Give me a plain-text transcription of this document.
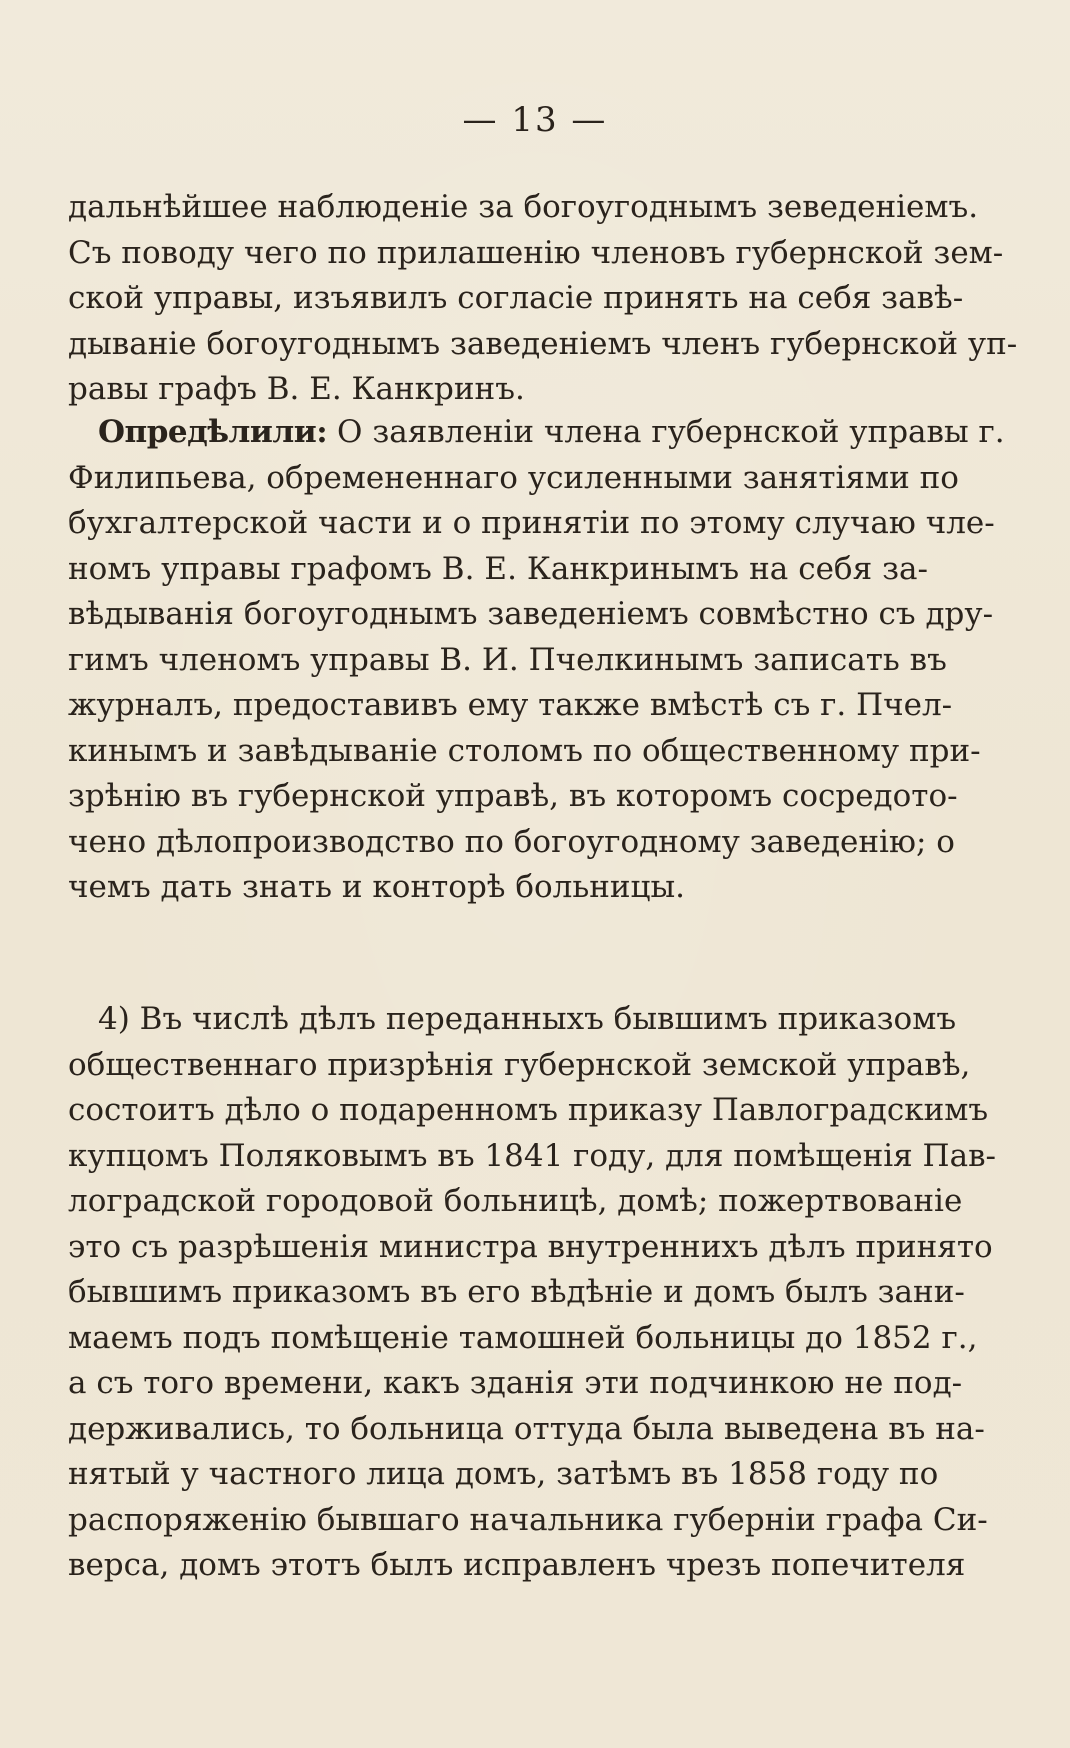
— 13 —
дальнѣйшее наблюденіе за богоугоднымъ зеведеніемъ.
Съ поводу чего по прилашенію членовъ губернской зем-
ской управы, изъявилъ согласіе принять на себя завѣ-
дываніе богоугоднымъ заведеніемъ членъ губернской уп-
равы графъ В. Е. Канкринъ.
Опредѣлили: О заявленіи члена губернской управы г.
Филипьева, обремененнаго усиленными занятіями по
бухгалтерской части и о принятіи по этому случаю чле-
номъ управы графомъ В. Е. Канкринымъ на себя за-
вѣдыванія богоугоднымъ заведеніемъ совмѣстно съ дру-
гимъ членомъ управы В. И. Пчелкинымъ записать въ
журналъ, предоставивъ ему также вмѣстѣ съ г. Пчел-
кинымъ и завѣдываніе столомъ по общественному при-
зрѣнію въ губернской управѣ, въ которомъ сосредото-
чено дѣлопроизводство по богоугодному заведенію; о
чемъ дать знать и конторѣ больницы.
4) Въ числѣ дѣлъ переданныхъ бывшимъ приказомъ
общественнаго призрѣнія губернской земской управѣ,
состоитъ дѣло о подаренномъ приказу Павлоградскимъ
купцомъ Поляковымъ въ 1841 году, для помѣщенія Пав-
лоградской городовой больницѣ, домѣ; пожертвованіе
это съ разрѣшенія министра внутреннихъ дѣлъ принято
бывшимъ приказомъ въ его вѣдѣніе и домъ былъ зани-
маемъ подъ помѣщеніе тамошней больницы до 1852 г.,
а съ того времени, какъ зданія эти подчинкою не под-
держивались, то больница оттуда была выведена въ на-
нятый у частного лица домъ, затѣмъ въ 1858 году по
распоряженію бывшаго начальника губерніи графа Си-
верса, домъ этотъ былъ исправленъ чрезъ попечителя
